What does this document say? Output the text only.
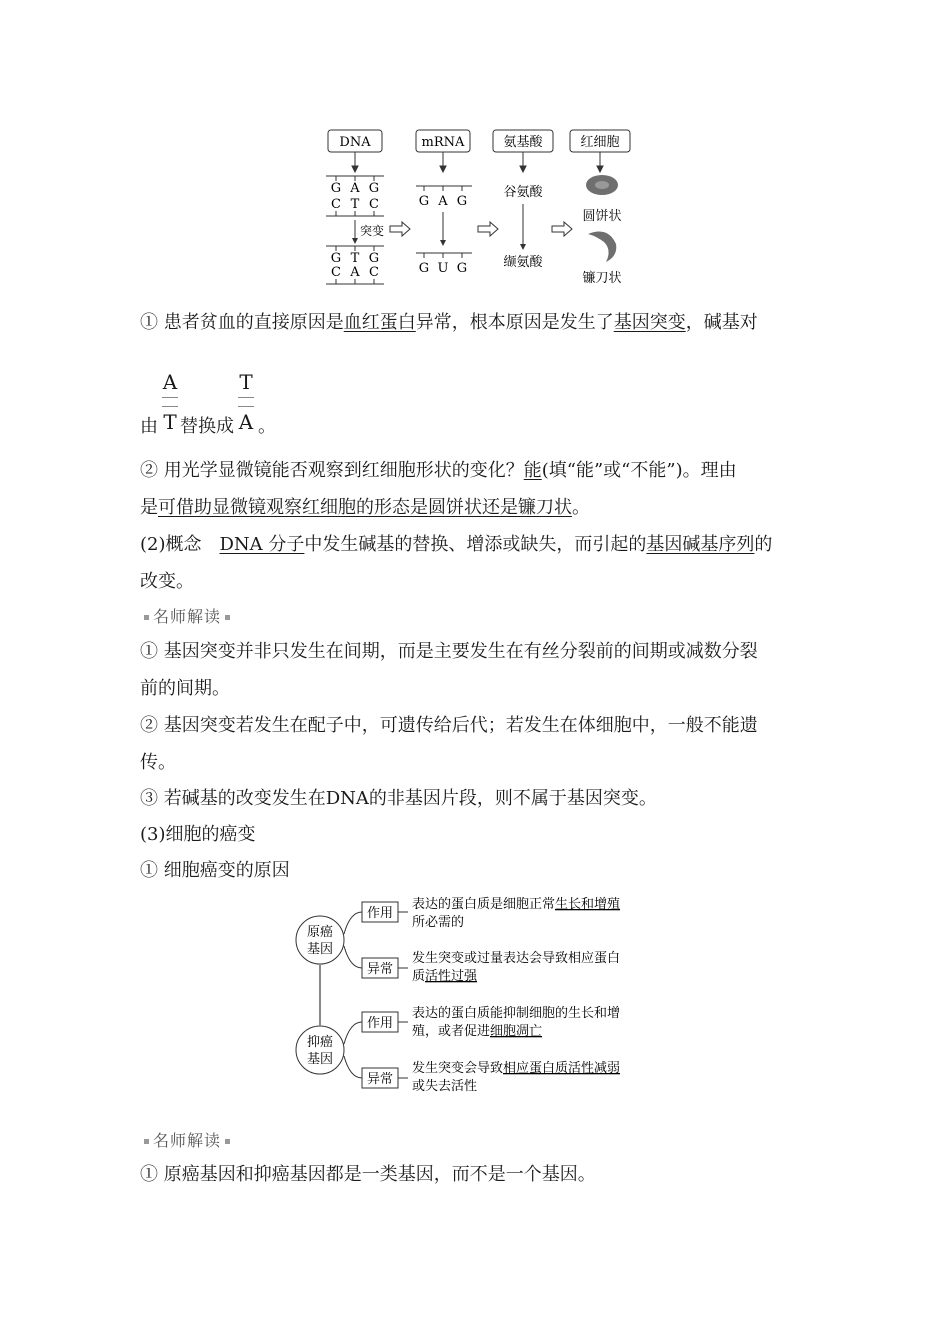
DNA	mRNA	氨基酸	红细胞
G A G
C T C
突变
G T G
C A C
G A G
G U G
谷氨酸
缬氨酸
圆饼状
镰刀状
① 患者贫血的直接原因是血红蛋白异常，根本原因是发生了基因突变，碱基对
由
A
T 替换成
T
A 。
② 用光学显微镜能否观察到红细胞形状的变化？能(填“能”或“不能”)。理由
是可借助显微镜观察红细胞的形态是圆饼状还是镰刀状。
(2)概念　DNA 分子中发生碱基的替换、增添或缺失，而引起的基因碱基序列的
改变。
名师解读
① 基因突变并非只发生在间期，而是主要发生在有丝分裂前的间期或减数分裂
前的间期。
② 基因突变若发生在配子中，可遗传给后代；若发生在体细胞中，一般不能遗
传。
③ 若碱基的改变发生在DNA的非基因片段，则不属于基因突变。
(3)细胞的癌变
① 细胞癌变的原因
原癌
基因
抑癌
基因
作用
异常
作用
异常
表达的蛋白质是细胞正常生长和增殖
所必需的
发生突变或过量表达会导致相应蛋白
质活性过强
表达的蛋白质能抑制细胞的生长和增
殖，或者促进细胞凋亡
发生突变会导致相应蛋白质活性减弱
或失去活性
名师解读
① 原癌基因和抑癌基因都是一类基因，而不是一个基因。
